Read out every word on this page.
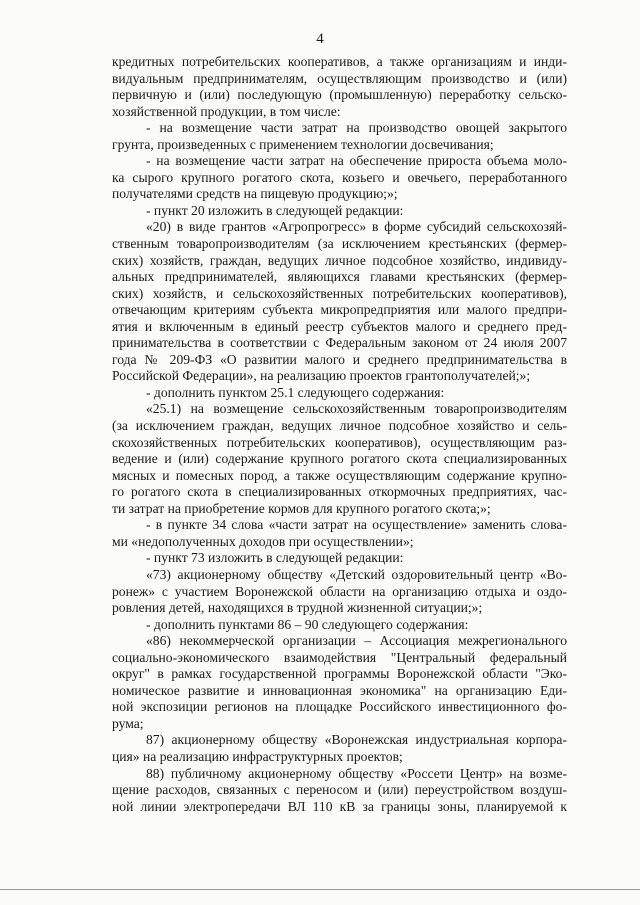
4
кредитных потребительских кооперативов, а также организациям и инди-
видуальным предпринимателям, осуществляющим производство и (или)
первичную и (или) последующую (промышленную) переработку сельско-
хозяйственной продукции, в том числе:
- на возмещение части затрат на производство овощей закрытого
грунта, произведенных с применением технологии досвечивания;
- на возмещение части затрат на обеспечение прироста объема моло-
ка сырого крупного рогатого скота, козьего и овечьего, переработанного
получателями средств на пищевую продукцию;»;
- пункт 20 изложить в следующей редакции:
«20) в виде грантов «Агропрогресс» в форме субсидий сельскохозяй-
ственным товаропроизводителям (за исключением крестьянских (фермер-
ских) хозяйств, граждан, ведущих личное подсобное хозяйство, индивиду-
альных предпринимателей, являющихся главами крестьянских (фермер-
ских) хозяйств, и сельскохозяйственных потребительских кооперативов),
отвечающим критериям субъекта микропредприятия или малого предпри-
ятия и включенным в единый реестр субъектов малого и среднего пред-
принимательства в соответствии с Федеральным законом от 24 июля 2007
года № 209-ФЗ «О развитии малого и среднего предпринимательства в
Российской Федерации», на реализацию проектов грантополучателей;»;
- дополнить пунктом 25.1 следующего содержания:
«25.1) на возмещение сельскохозяйственным товаропроизводителям
(за исключением граждан, ведущих личное подсобное хозяйство и сель-
скохозяйственных потребительских кооперативов), осуществляющим раз-
ведение и (или) содержание крупного рогатого скота специализированных
мясных и помесных пород, а также осуществляющим содержание крупно-
го рогатого скота в специализированных откормочных предприятиях, час-
ти затрат на приобретение кормов для крупного рогатого скота;»;
- в пункте 34 слова «части затрат на осуществление» заменить слова-
ми «недополученных доходов при осуществлении»;
- пункт 73 изложить в следующей редакции:
«73) акционерному обществу «Детский оздоровительный центр «Во-
ронеж» с участием Воронежской области на организацию отдыха и оздо-
ровления детей, находящихся в трудной жизненной ситуации;»;
- дополнить пунктами 86 – 90 следующего содержания:
«86) некоммерческой организации – Ассоциация межрегионального
социально-экономического взаимодействия "Центральный федеральный
округ" в рамках государственной программы Воронежской области "Эко-
номическое развитие и инновационная экономика" на организацию Еди-
ной экспозиции регионов на площадке Российского инвестиционного фо-
рума;
87) акционерному обществу «Воронежская индустриальная корпора-
ция» на реализацию инфраструктурных проектов;
88) публичному акционерному обществу «Россети Центр» на возме-
щение расходов, связанных с переносом и (или) переустройством воздуш-
ной линии электропередачи ВЛ 110 кВ за границы зоны, планируемой к
